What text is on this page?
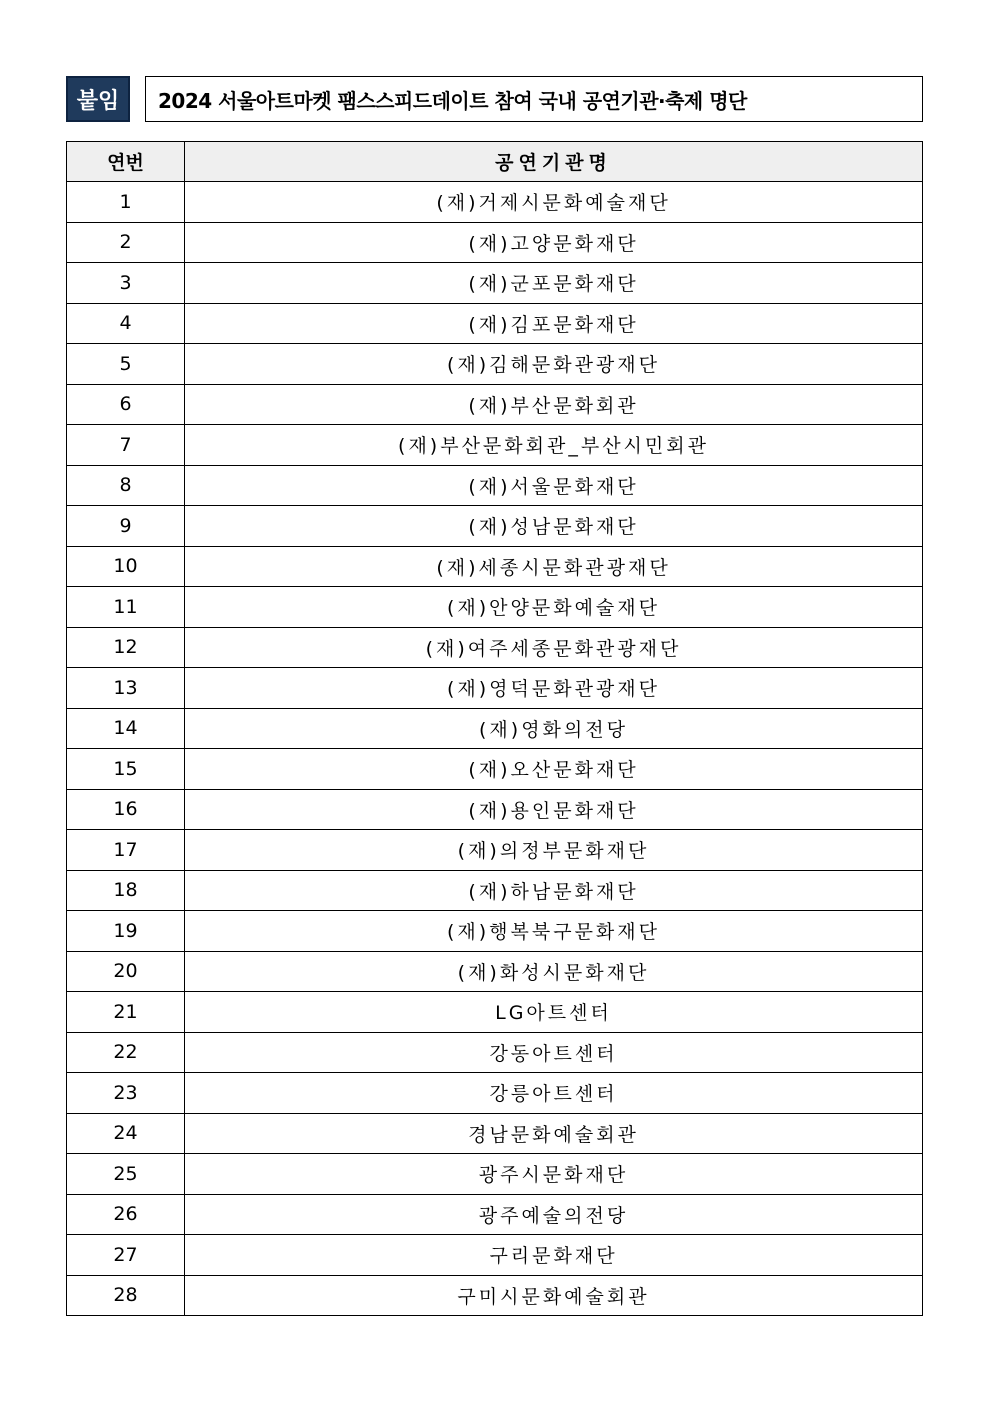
붙임	2024 서울아트마켓 팸스스피드데이트 참여 국내 공연기관·축제 명단
연번	공연기관명
1	(재)거제시문화예술재단
2	(재)고양문화재단
3	(재)군포문화재단
4	(재)김포문화재단
5	(재)김해문화관광재단
6	(재)부산문화회관
7	(재)부산문화회관_부산시민회관
8	(재)서울문화재단
9	(재)성남문화재단
10	(재)세종시문화관광재단
11	(재)안양문화예술재단
12	(재)여주세종문화관광재단
13	(재)영덕문화관광재단
14	(재)영화의전당
15	(재)오산문화재단
16	(재)용인문화재단
17	(재)의정부문화재단
18	(재)하남문화재단
19	(재)행복북구문화재단
20	(재)화성시문화재단
21	LG아트센터
22	강동아트센터
23	강릉아트센터
24	경남문화예술회관
25	광주시문화재단
26	광주예술의전당
27	구리문화재단
28	구미시문화예술회관
